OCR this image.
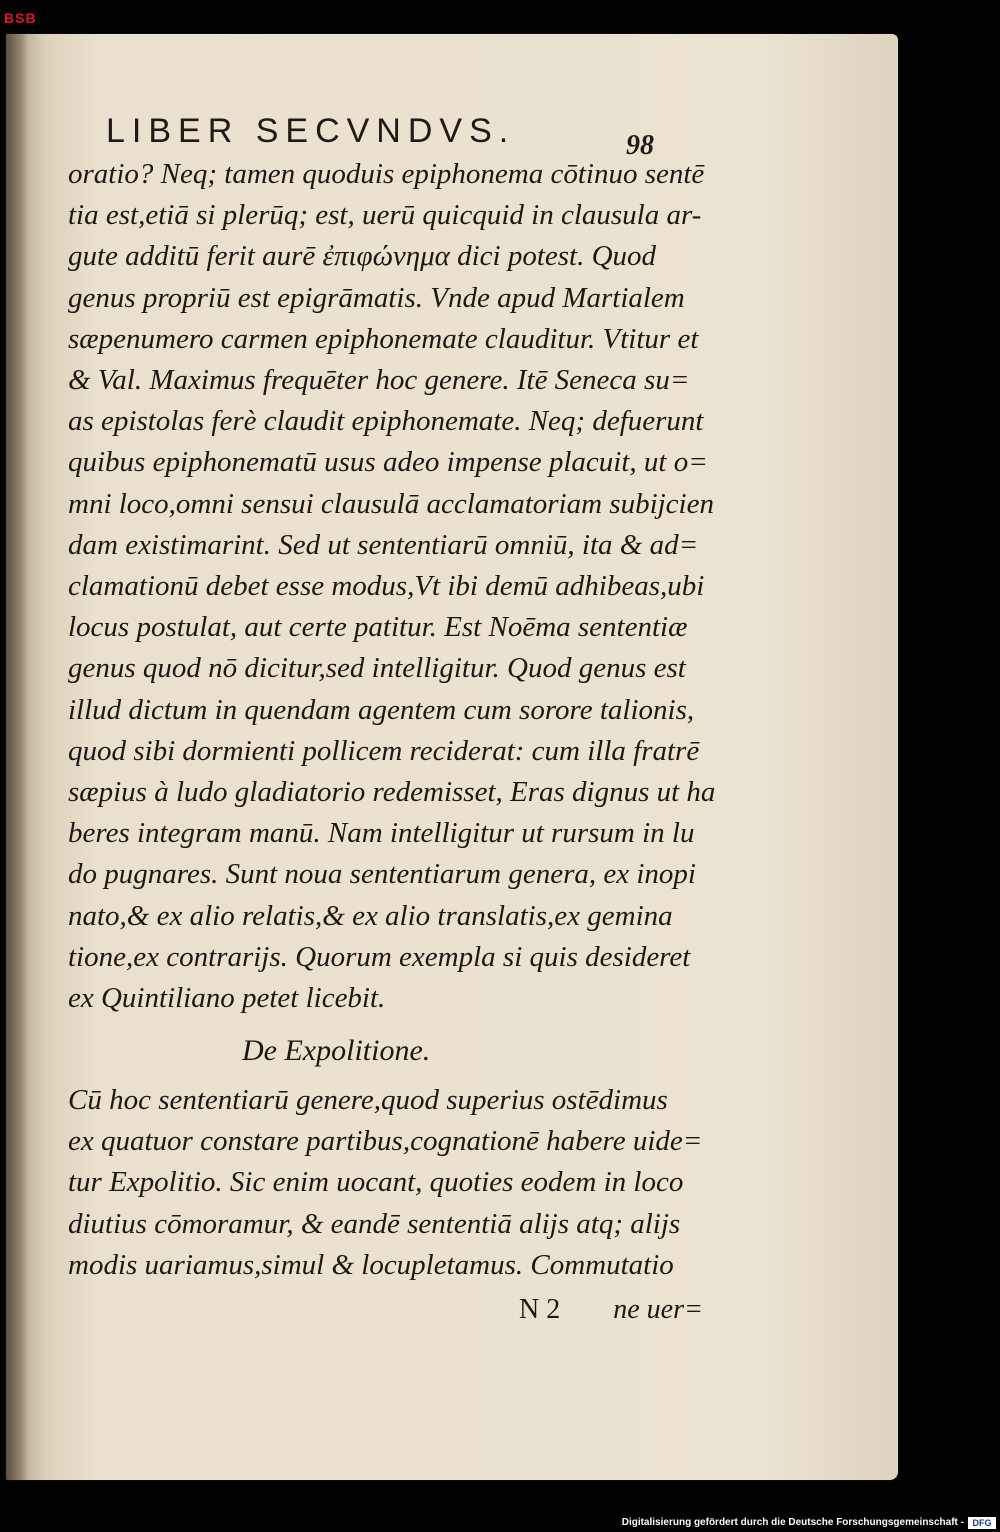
BSB
LIBER SECVNDVS.	98
oratio? Neq; tamen quoduis epiphonema cōtinuo sentē
tia est,etiā si plerūq; est, uerū quicquid in clausula ar-
gute additū ferit aurē ἐπιφώνημα dici potest. Quod
genus propriū est epigrāmatis. Vnde apud Martialem
sæpenumero carmen epiphonemate clauditur. Vtitur et
& Val. Maximus frequēter hoc genere. Itē Seneca su=
as epistolas ferè claudit epiphonemate. Neq; defuerunt
quibus epiphonematū usus adeo impense placuit, ut o=
mni loco,omni sensui clausulā acclamatoriam subijcien
dam existimarint. Sed ut sententiarū omniū, ita & ad=
clamationū debet esse modus,Vt ibi demū adhibeas,ubi
locus postulat, aut certe patitur. Est Noēma sententiæ
genus quod nō dicitur,sed intelligitur. Quod genus est
illud dictum in quendam agentem cum sorore talionis,
quod sibi dormienti pollicem reciderat: cum illa fratrē
sæpius à ludo gladiatorio redemisset, Eras dignus ut ha
beres integram manū. Nam intelligitur ut rursum in lu
do pugnares. Sunt noua sententiarum genera, ex inopi
nato,& ex alio relatis,& ex alio translatis,ex gemina
tione,ex contrarijs. Quorum exempla si quis desideret
ex Quintiliano petet licebit.
De Expolitione.
Cū hoc sententiarū genere,quod superius ostēdimus
ex quatuor constare partibus,cognationē habere uide=
tur Expolitio. Sic enim uocant, quoties eodem in loco
diutius cōmoramur, & eandē sententiā alijs atq; alijs
modis uariamus,simul & locupletamus. Commutatio
N 2 ne uer=
Digitalisierung gefördert durch die Deutsche Forschungsgemeinschaft - DFG
